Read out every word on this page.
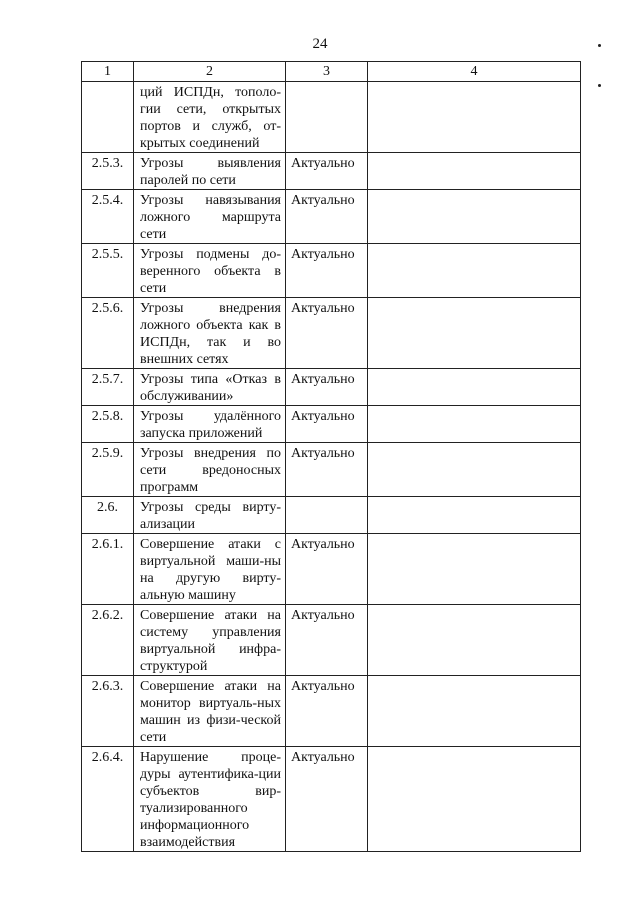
24
1	2	3	4
	ций ИСПДн, тополо-гии сети, открытых портов и служб, от-крытых соединений		
2.5.3.	Угрозы выявления паролей по сети	Актуально	
2.5.4.	Угрозы навязывания ложного маршрута сети	Актуально	
2.5.5.	Угрозы подмены до-веренного объекта в сети	Актуально	
2.5.6.	Угрозы внедрения ложного объекта как в ИСПДн, так и во внешних сетях	Актуально	
2.5.7.	Угрозы типа «Отказ в обслуживании»	Актуально	
2.5.8.	Угрозы удалённого запуска приложений	Актуально	
2.5.9.	Угрозы внедрения по сети вредоносных программ	Актуально	
2.6.	Угрозы среды вирту-ализации		
2.6.1.	Совершение атаки с виртуальной маши-ны на другую вирту-альную машину	Актуально	
2.6.2.	Совершение атаки на систему управления виртуальной инфра-структурой	Актуально	
2.6.3.	Совершение атаки на монитор виртуаль-ных машин из физи-ческой сети	Актуально	
2.6.4.	Нарушение проце-дуры аутентифика-ции субъектов вир-туализированного информационного взаимодействия	Актуально	
